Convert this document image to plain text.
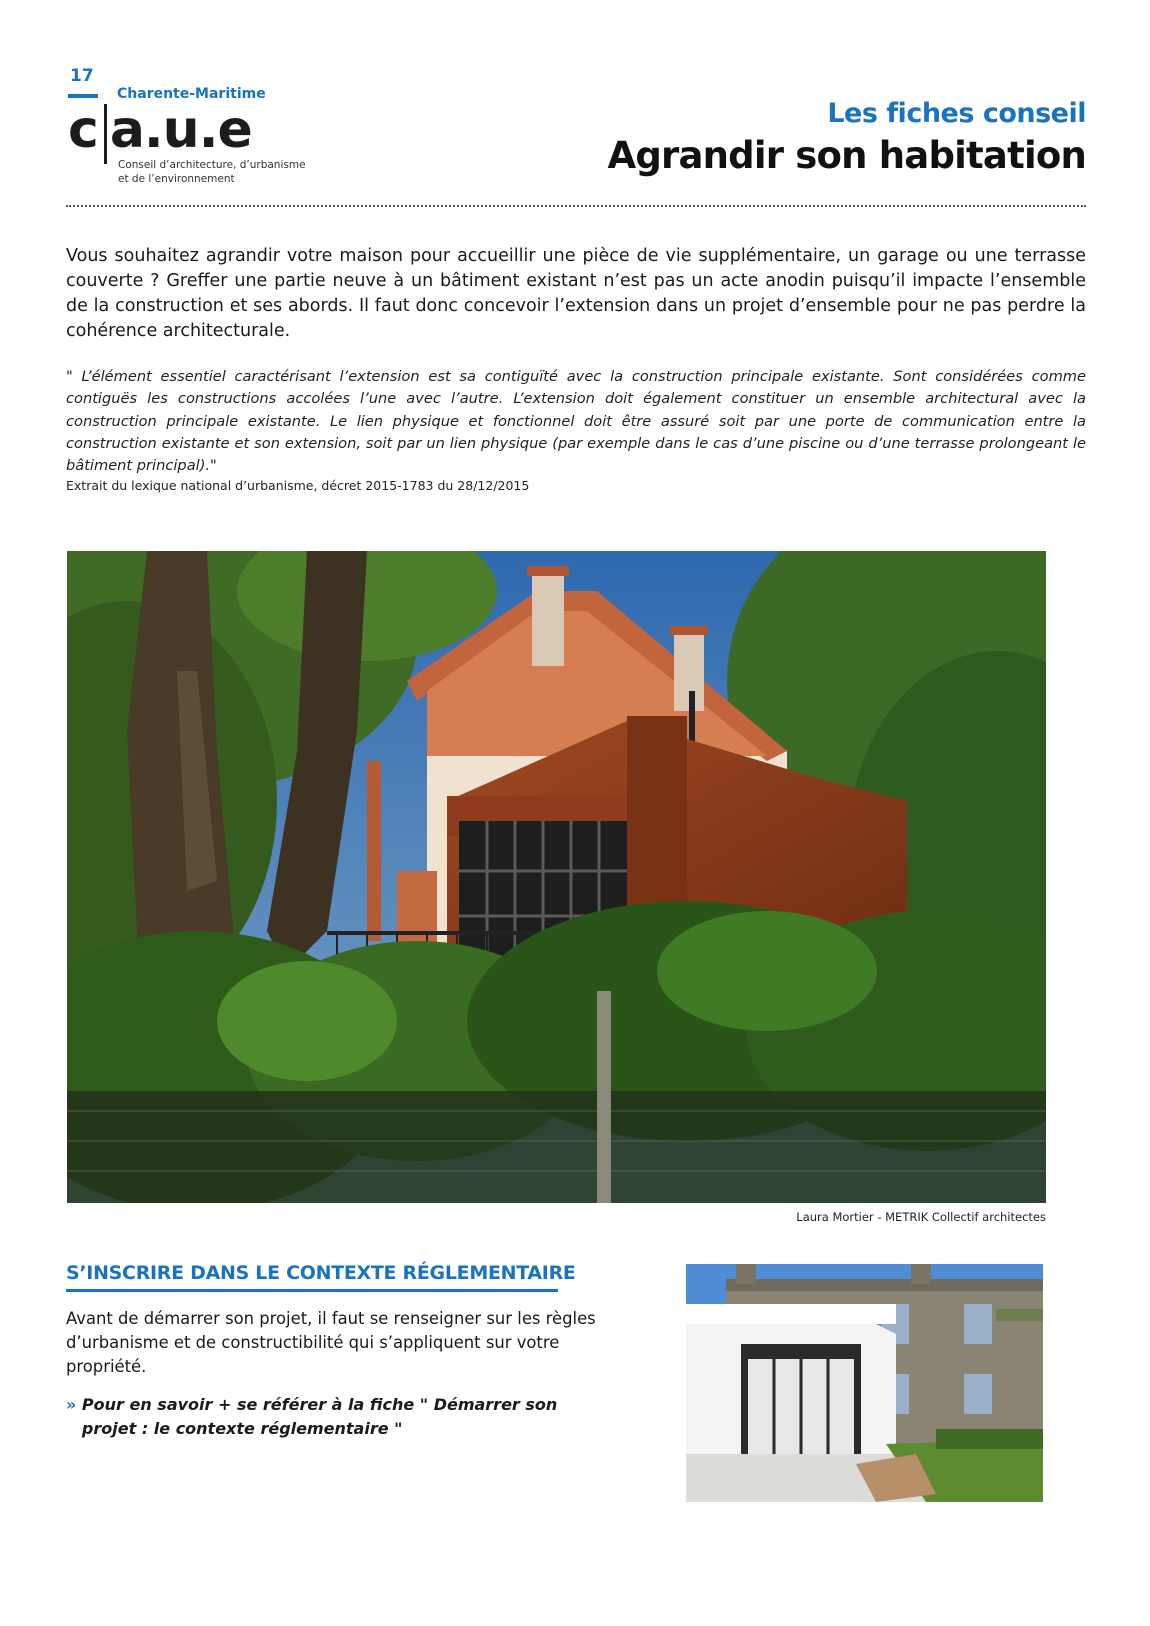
17
Charente-Maritime
c a.u.e
Conseil d’architecture, d’urbanisme
et de l’environnement
Les fiches conseil
Agrandir son habitation

Vous souhaitez agrandir votre maison pour accueillir une pièce de vie supplémentaire, un garage ou une terrasse couverte ? Greffer une partie neuve à un bâtiment existant n’est pas un acte anodin puisqu’il impacte l’ensemble de la construction et ses abords. Il faut donc concevoir l’extension dans un projet d’ensemble pour ne pas perdre la cohérence architecturale.

" L’élément essentiel caractérisant l’extension est sa contiguïté avec la construction principale existante. Sont considérées comme contiguës les constructions accolées l’une avec l’autre. L’extension doit également constituer un ensemble architectural avec la construction principale existante. Le lien physique et fonctionnel doit être assuré soit par une porte de communication entre la construction existante et son extension, soit par un lien physique (par exemple dans le cas d’une piscine ou d’une terrasse prolongeant le bâtiment principal)."

Extrait du lexique national d’urbanisme, décret 2015-1783 du 28/12/2015
Laura Mortier - METRIK Collectif architectes
S’INSCRIRE DANS LE CONTEXTE RÉGLEMENTAIRE

Avant de démarrer son projet, il faut se renseigner sur les règles d’urbanisme et de constructibilité qui s’appliquent sur votre propriété.

» Pour en savoir + se référer à la fiche " Démarrer son projet : le contexte réglementaire "
